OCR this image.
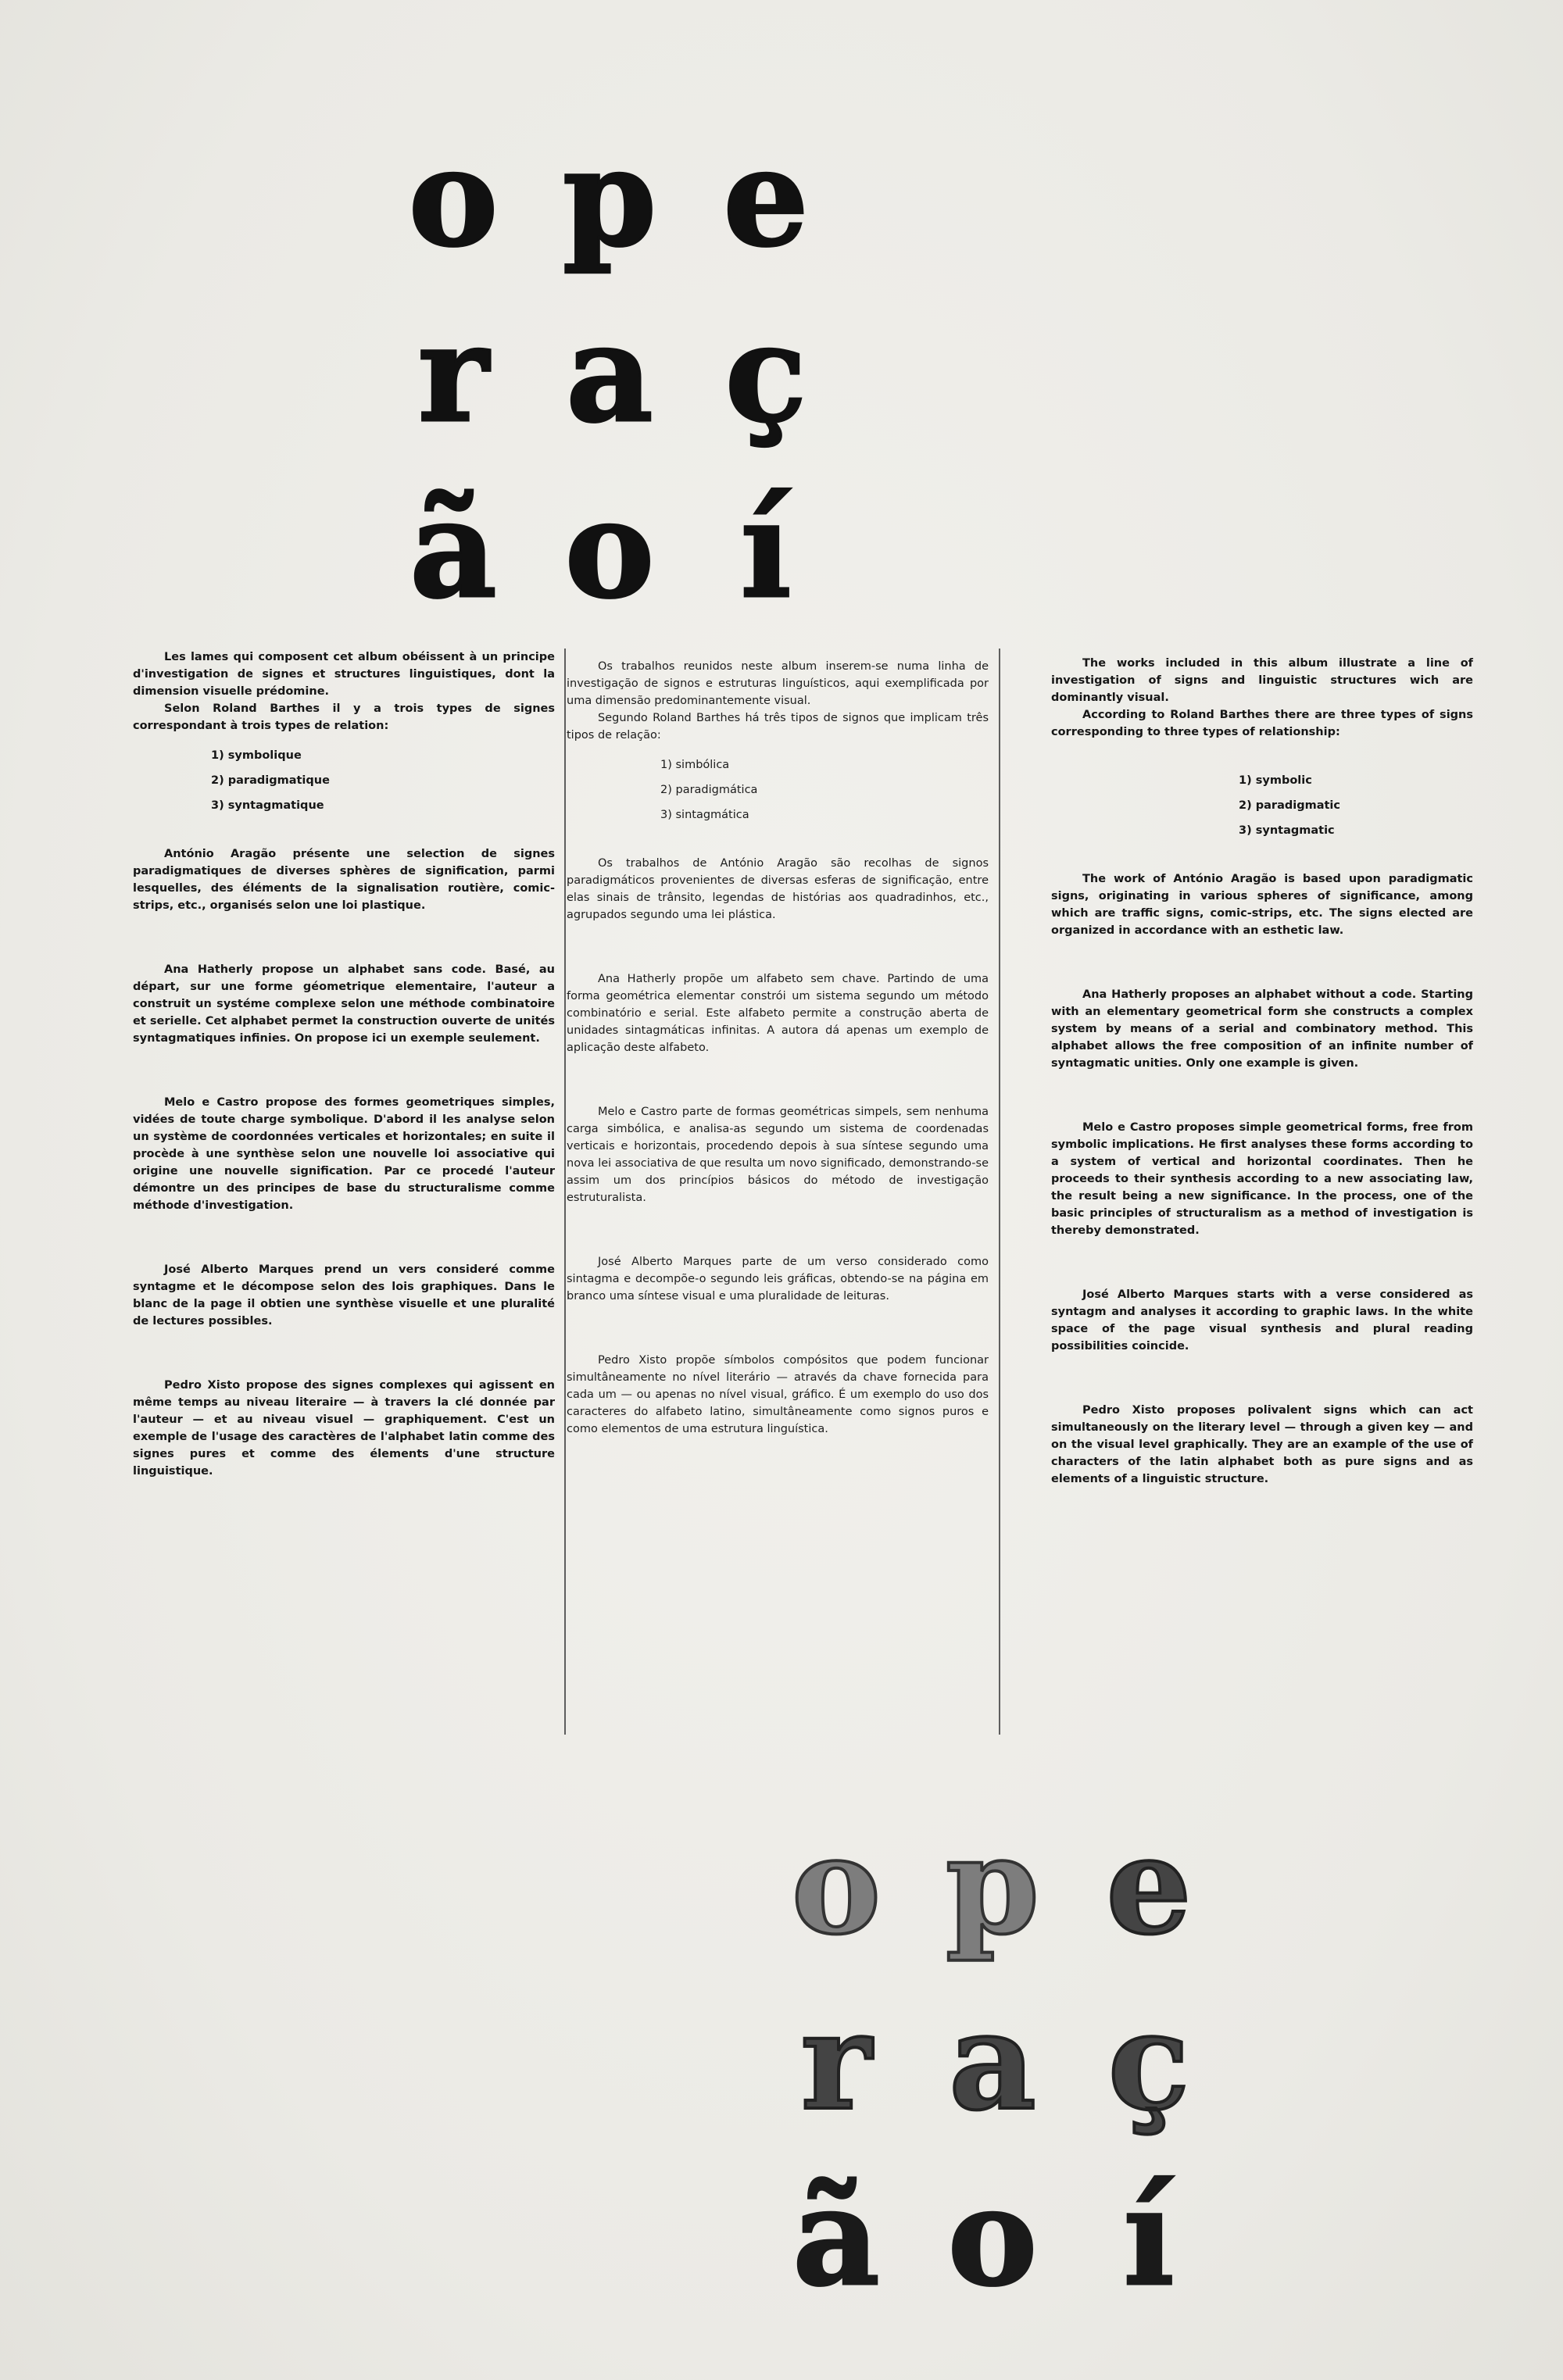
o p e
r a ç
ã o í

Les lames qui composent cet album obéissent à un principe d'investigation de signes et structures linguistiques, dont la dimension visuelle prédomine.

Selon Roland Barthes il y a trois types de signes correspondant à trois types de relation:

1) symbolique
2) paradigmatique
3) syntagmatique

António Aragão présente une selection de signes paradigmatiques de diverses sphères de signification, parmi lesquelles, des éléments de la signalisation routière, comic-strips, etc., organisés selon une loi plastique.

Ana Hatherly propose un alphabet sans code. Basé, au départ, sur une forme géometrique elementaire, l'auteur a construit un systéme complexe selon une méthode combinatoire et serielle. Cet alphabet permet la construction ouverte de unités syntagmatiques infinies. On propose ici un exemple seulement.

Melo e Castro propose des formes geometriques simples, vidées de toute charge symbolique. D'abord il les analyse selon un système de coordonnées verticales et horizontales; en suite il procède à une synthèse selon une nouvelle loi associative qui origine une nouvelle signification. Par ce procedé l'auteur démontre un des principes de base du structuralisme comme méthode d'investigation.

José Alberto Marques prend un vers consideré comme syntagme et le décompose selon des lois graphiques. Dans le blanc de la page il obtien une synthèse visuelle et une pluralité de lectures possibles.

Pedro Xisto propose des signes complexes qui agissent en même temps au niveau literaire — à travers la clé donnée par l'auteur — et au niveau visuel — graphiquement. C'est un exemple de l'usage des caractères de l'alphabet latin comme des signes pures et comme des élements d'une structure linguistique.

Os trabalhos reunidos neste album inserem-se numa linha de investigação de signos e estruturas linguísticos, aqui exemplificada por uma dimensão predominantemente visual.

Segundo Roland Barthes há três tipos de signos que implicam três tipos de relação:

1) simbólica
2) paradigmática
3) sintagmática

Os trabalhos de António Aragão são recolhas de signos paradigmáticos provenientes de diversas esferas de significação, entre elas sinais de trânsito, legendas de histórias aos quadradinhos, etc., agrupados segundo uma lei plástica.

Ana Hatherly propõe um alfabeto sem chave. Partindo de uma forma geométrica elementar constrói um sistema segundo um método combinatório e serial. Este alfabeto permite a construção aberta de unidades sintagmáticas infinitas. A autora dá apenas um exemplo de aplicação deste alfabeto.

Melo e Castro parte de formas geométricas simpels, sem nenhuma carga simbólica, e analisa-as segundo um sistema de coordenadas verticais e horizontais, procedendo depois à sua síntese segundo uma nova lei associativa de que resulta um novo significado, demonstrando-se assim um dos princípios básicos do método de investigação estruturalista.

José Alberto Marques parte de um verso considerado como sintagma e decompõe-o segundo leis gráficas, obtendo-se na página em branco uma síntese visual e uma pluralidade de leituras.

Pedro Xisto propõe símbolos compósitos que podem funcionar simultâneamente no nível literário — através da chave fornecida para cada um — ou apenas no nível visual, gráfico. É um exemplo do uso dos caracteres do alfabeto latino, simultâneamente como signos puros e como elementos de uma estrutura linguística.

The works included in this album illustrate a line of investigation of signs and linguistic structures wich are dominantly visual.

According to Roland Barthes there are three types of signs corresponding to three types of relationship:

1) symbolic
2) paradigmatic
3) syntagmatic

The work of António Aragão is based upon paradigmatic signs, originating in various spheres of significance, among which are traffic signs, comic-strips, etc. The signs elected are organized in accordance with an esthetic law.

Ana Hatherly proposes an alphabet without a code. Starting with an elementary geometrical form she constructs a complex system by means of a serial and combinatory method. This alphabet allows the free composition of an infinite number of syntagmatic unities. Only one example is given.

Melo e Castro proposes simple geometrical forms, free from symbolic implications. He first analyses these forms according to a system of vertical and horizontal coordinates. Then he proceeds to their synthesis according to a new associating law, the result being a new significance. In the process, one of the basic principles of structuralism as a method of investigation is thereby demonstrated.

José Alberto Marques starts with a verse considered as syntagm and analyses it according to graphic laws. In the white space of the page visual synthesis and plural reading possibilities coincide.

Pedro Xisto proposes polivalent signs which can act simultaneously on the literary level — through a given key — and on the visual level graphically. They are an example of the use of characters of the latin alphabet both as pure signs and as elements of a linguistic structure.

o p e
r a ç
ã o í
